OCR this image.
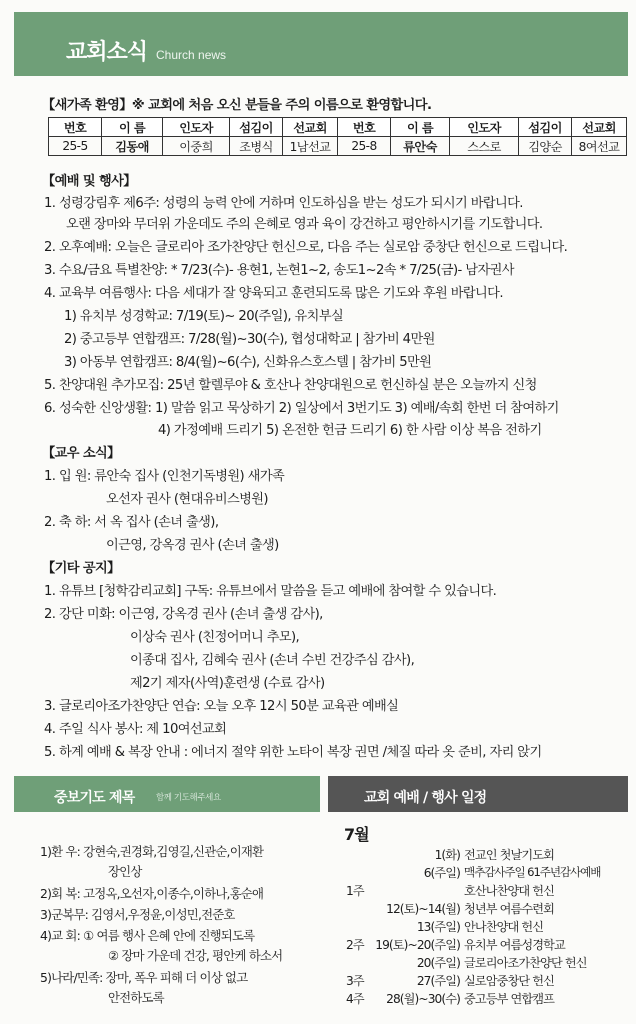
교회소식 Church news
【새가족 환영】※ 교회에 처음 오신 분들을 주의 이름으로 환영합니다.
번호	이 름	인도자	섬김이	선교회	번호	이 름	인도자	섬김이	선교회
25-5	김동애	이중희	조병식	1남선교	25-8	류안숙	스스로	김양순	8여선교
【예배 및 행사】
1. 성령강림후 제6주: 성령의 능력 안에 거하며 인도하심을 받는 성도가 되시기 바랍니다.
오랜 장마와 무더위 가운데도 주의 은혜로 영과 육이 강건하고 평안하시기를 기도합니다.
2. 오후예배: 오늘은 글로리아 조가찬양단 헌신으로, 다음 주는 실로암 중창단 헌신으로 드립니다.
3. 수요/금요 특별찬양: * 7/23(수)- 용현1, 논현1~2, 송도1~2속 * 7/25(금)- 남자권사
4. 교육부 여름행사: 다음 세대가 잘 양육되고 훈련되도록 많은 기도와 후원 바랍니다.
1) 유치부 성경학교: 7/19(토)~ 20(주일), 유치부실
2) 중고등부 연합캠프: 7/28(월)~30(수), 협성대학교 | 참가비 4만원
3) 아동부 연합캠프: 8/4(월)~6(수), 신화유스호스텔 | 참가비 5만원
5. 찬양대원 추가모집: 25년 할렐루야 & 호산나 찬양대원으로 헌신하실 분은 오늘까지 신청
6. 성숙한 신앙생활: 1) 말씀 읽고 묵상하기 2) 일상에서 3번기도 3) 예배/속회 한번 더 참여하기
4) 가정예배 드리기 5) 온전한 헌금 드리기 6) 한 사람 이상 복음 전하기
【교우 소식】
1. 입 원: 류안숙 집사 (인천기독병원) 새가족
오선자 권사 (현대유비스병원)
2. 축 하: 서 옥 집사 (손녀 출생),
이근영, 강옥경 권사 (손녀 출생)
【기타 공지】
1. 유튜브 [청학감리교회] 구독: 유튜브에서 말씀을 듣고 예배에 참여할 수 있습니다.
2. 강단 미화: 이근영, 강옥경 권사 (손녀 출생 감사),
이상숙 권사 (친정어머니 추모),
이종대 집사, 김혜숙 권사 (손녀 수빈 건강주심 감사),
제2기 제자(사역)훈련생 (수료 감사)
3. 글로리아조가찬양단 연습: 오늘 오후 12시 50분 교육관 예배실
4. 주일 식사 봉사: 제 10여선교회
5. 하계 예배 & 복장 안내 : 에너지 절약 위한 노타이 복장 권면 /체질 따라 옷 준비, 자리 앉기
중보기도 제목	함께 기도해주세요	교회 예배 / 행사 일정
1)환 우: 강현숙,권경화,김영길,신관순,이재환
장인상
2)회 복: 고정옥,오선자,이종수,이하나,홍순애
3)군복무: 김영서,우정윤,이성민,전준호
4)교 회: ① 여름 행사 은혜 안에 진행되도록
② 장마 가운데 건강, 평안케 하소서
5)나라/민족: 장마, 폭우 피해 더 이상 없고
안전하도록
7월
1(화) 전교인 첫날기도회
6(주일) 맥추감사주일 61주년감사예배
1주	호산나찬양대 헌신
12(토)~14(월) 청년부 여름수련회
13(주일) 안나찬양대 헌신
2주 19(토)~20(주일) 유치부 여름성경학교
20(주일) 글로리아조가찬양단 헌신
3주	27(주일) 실로암중창단 헌신
4주	28(월)~30(수) 중고등부 연합캠프
